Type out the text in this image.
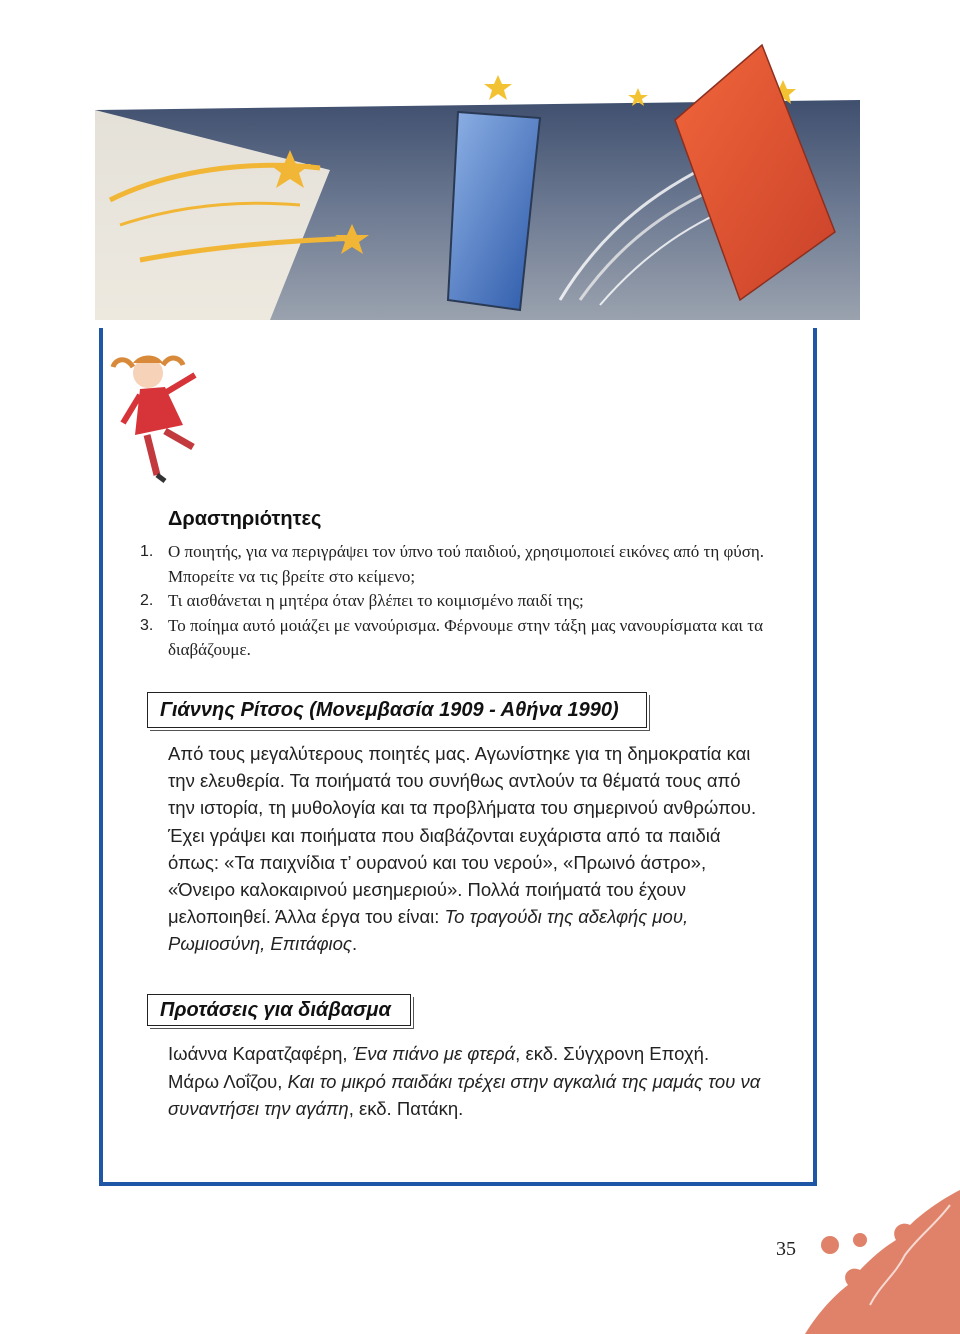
Δραστηριότητες
1. Ο ποιητής, για να περιγράψει τον ύπνο τού παιδιού, χρησιμοποιεί εικόνες από τη φύση. Μπορείτε να τις βρείτε στο κείμενο;
2. Τι αισθάνεται η μητέρα όταν βλέπει το κοιμισμένο παιδί της;
3. Το ποίημα αυτό μοιάζει με νανούρισμα. Φέρνουμε στην τάξη μας νανουρίσματα και τα διαβάζουμε.
Γιάννης Ρίτσος (Μονεμβασία 1909 - Αθήνα 1990)

Από τους μεγαλύτερους ποιητές μας. Αγωνίστηκε για τη δημοκρατία και την ελευθερία. Τα ποιήματά του συνήθως αντλούν τα θέματά τους από την ιστορία, τη μυθολογία και τα προβλήματα του σημερινού ανθρώπου. Έχει γράψει και ποιήματα που διαβάζονται ευχάριστα από τα παιδιά όπως: «Τα παιχνίδια τ’ ουρανού και του νερού», «Πρωινό άστρο», «Όνειρο καλοκαιρινού μεσημεριού». Πολλά ποιήματά του έχουν μελοποιηθεί. Άλλα έργα του είναι: Το τραγούδι της αδελφής μου, Ρωμιοσύνη, Επιτάφιος.

Προτάσεις για διάβασμα

Ιωάννα Καρατζαφέρη, Ένα πιάνο με φτερά, εκδ. Σύγχρονη Εποχή.

Μάρω Λοΐζου, Και το μικρό παιδάκι τρέχει στην αγκαλιά της μαμάς του να συναντήσει την αγάπη, εκδ. Πατάκη.

35
